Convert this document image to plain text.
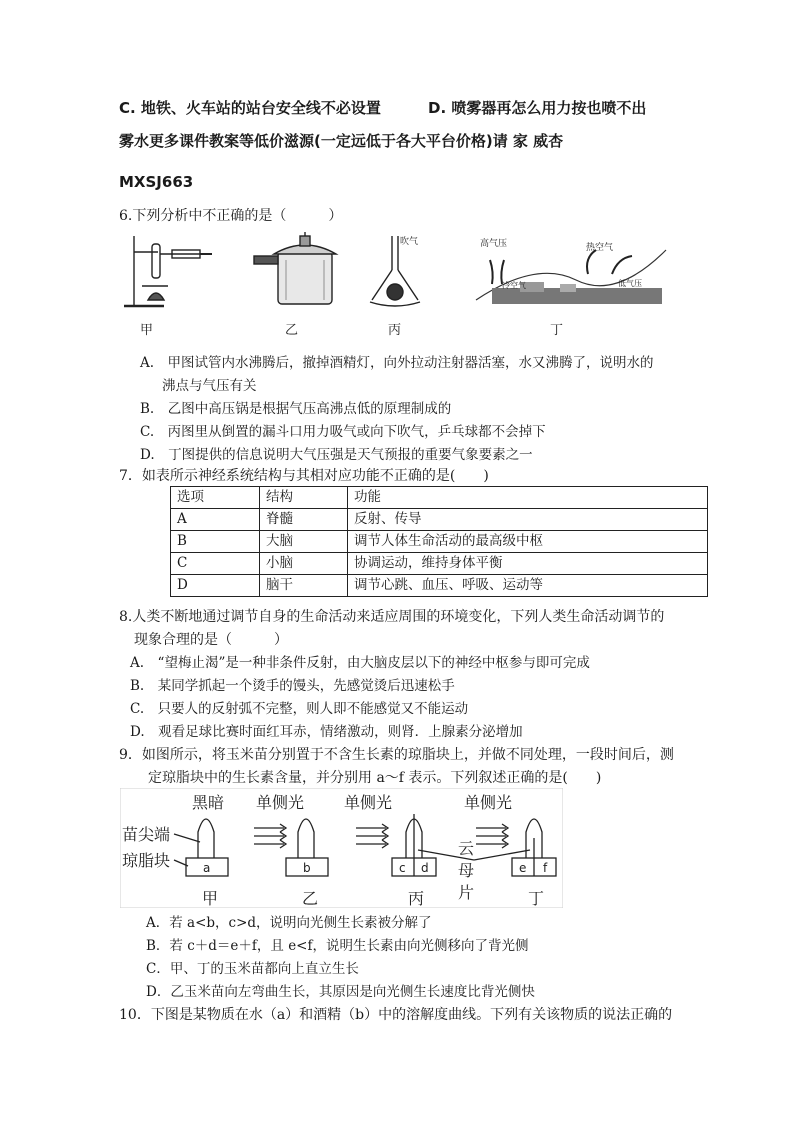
C. 地铁、火车站的站台安全线不必设置	D. 喷雾器再怎么用力按也喷不出
雾水更多课件教案等低价滋源(一定远低于各大平台价格)请 家 威杏
MXSJ663
6.下列分析中不正确的是（　　　）
吹气	高气压	热空气
冷空气	低气压
甲	乙	丙	丁
A.　甲图试管内水沸腾后，撤掉酒精灯，向外拉动注射器活塞，水又沸腾了，说明水的
沸点与气压有关
B.　乙图中高压锅是根据气压高沸点低的原理制成的
C.　丙图里从倒置的漏斗口用力吸气或向下吹气，乒乓球都不会掉下
D.　丁图提供的信息说明大气压强是天气预报的重要气象要素之一
7．如表所示神经系统结构与其相对应功能不正确的是(　　)
选项	结构	功能
A	脊髓	反射、传导
B	大脑	调节人体生命活动的最高级中枢
C	小脑	协调运动，维持身体平衡
D	脑干	调节心跳、血压、呼吸、运动等
8.人类不断地通过调节自身的生命活动来适应周围的环境变化，下列人类生命活动调节的
现象合理的是（　　　）
A.　“望梅止渴”是一种非条件反射，由大脑皮层以下的神经中枢参与即可完成
B.　某同学抓起一个烫手的馒头，先感觉烫后迅速松手
C.　只要人的反射弧不完整，则人即不能感觉又不能运动
D.　观看足球比赛时面红耳赤，情绪激动，则肾．上腺素分泌增加
9．如图所示，将玉米苗分别置于不含生长素的琼脂块上，并做不同处理，一段时间后，测
定琼脂块中的生长素含量，并分别用 a～f 表示。下列叙述正确的是(　　)
黑暗 单侧光 单侧光	单侧光
苗尖端
琼脂块
云
母
片
甲	乙	丙	丁
a	b	c d	e f
A．若 a<b，c>d，说明向光侧生长素被分解了
B．若 c＋d＝e＋f，且 e<f，说明生长素由向光侧移向了背光侧
C．甲、丁的玉米苗都向上直立生长
D．乙玉米苗向左弯曲生长，其原因是向光侧生长速度比背光侧快
10．下图是某物质在水（a）和酒精（b）中的溶解度曲线。下列有关该物质的说法正确的
